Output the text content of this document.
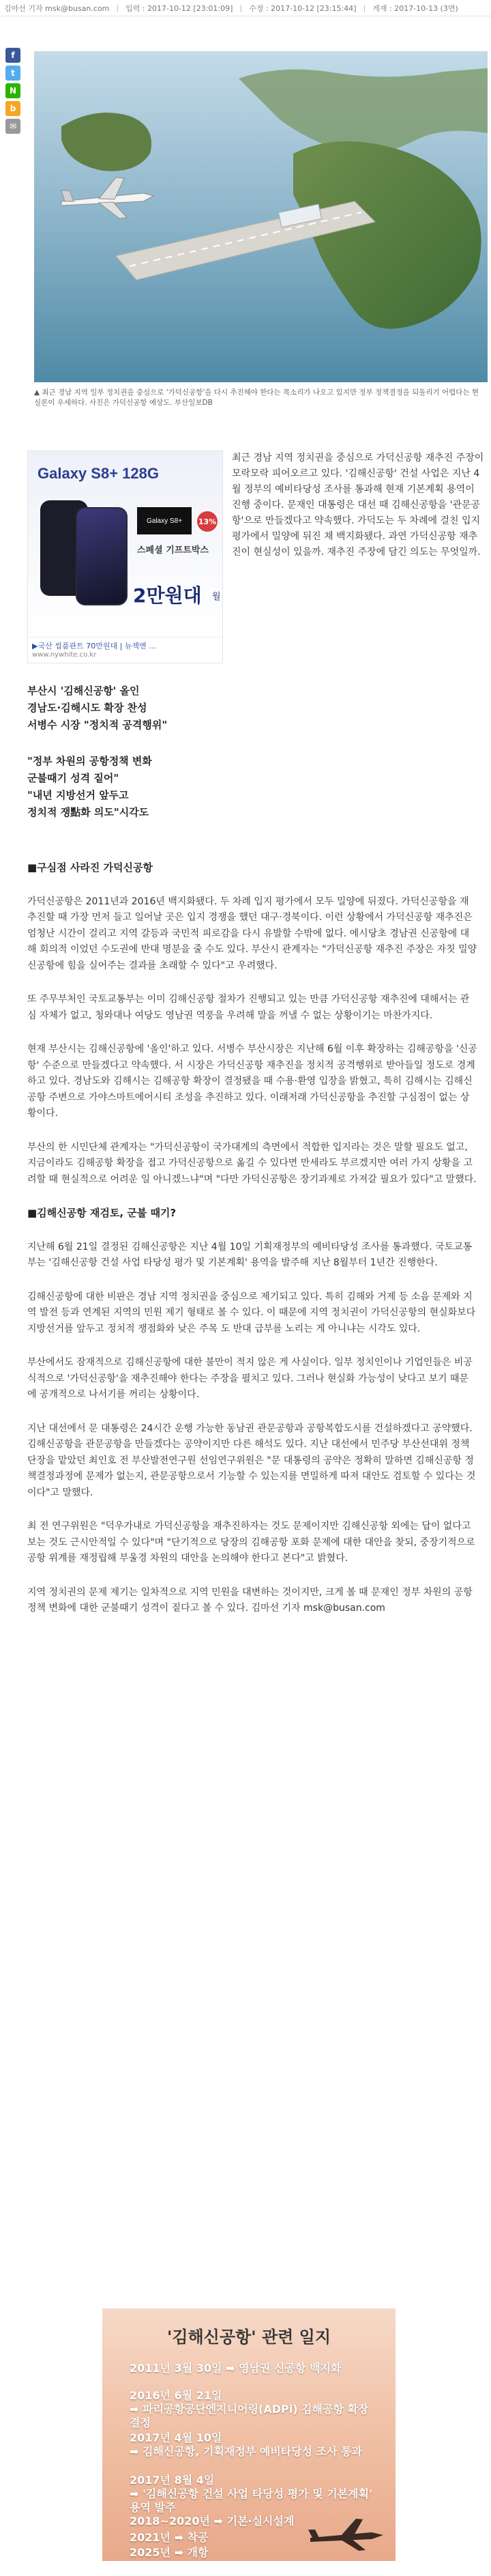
김아선 기자 msk@busan.com | 입력 : 2017-10-12 [23:01:09] | 수정 : 2017-10-12 [23:15:44] | 게재 : 2017-10-13 (3면)
f
t
N
b
✉
▲ 최근 경남 지역 일부 정치권을 중심으로 '가덕신공항'을 다시 추진해야 한다는 목소리가 나오고 있지만 정부 정책결정을 되돌리기 어렵다는 현실론이 우세하다. 사진은 가덕신공항 예상도. 부산일보DB
Galaxy S8+ 128G
Galaxy S8+	13%
스페셜 기프트박스
2만원대 월
▶국산 씹품관트 70만원대 | 뉴젝엔 ...
www.nywhite.co.kr

최근 경남 지역 정치권을 중심으로 가덕신공항 재추진 주장이 모락모락 피어오르고 있다. '김해신공항' 건설 사업은 지난 4월 정부의 예비타당성 조사를 통과해 현재 기본계획 용역이 진행 중이다. 문재인 대통령은 대선 때 김해신공항을 '관문공항'으로 만들겠다고 약속했다. 가덕도는 두 차례에 걸친 입지 평가에서 밀양에 뒤진 채 백지화됐다. 과연 가덕신공항 재추진이 현실성이 있을까. 재추진 주장에 담긴 의도는 무엇일까.

부산시 '김해신공항' 올인
경남도·김해시도 확장 찬성
서병수 시장 "정치적 공격행위"
"정부 차원의 공항정책 변화
군불때기 성격 짙어"
"내년 지방선거 앞두고
정치적 쟁點화 의도"시각도
■구심점 사라진 가덕신공항

가덕신공항은 2011년과 2016년 백지화됐다. 두 차례 입지 평가에서 모두 밀양에 뒤졌다. 가덕신공항을 재추진할 때 가장 먼저 들고 일어날 곳은 입지 경쟁을 했던 대구·경북이다. 이런 상황에서 가덕신공항 재추진은 엄청난 시간이 걸리고 지역 갈등과 국민적 피로감을 다시 유발할 수밖에 없다. 에시당초 경남권 신공항에 대해 회의적 이었던 수도권에 반대 명분을 줄 수도 있다. 부산시 관계자는 "가덕신공항 재추진 주장은 자칫 밀양신공항에 힘을 실어주는 결과를 초래할 수 있다"고 우려했다.

또 주무부처인 국토교통부는 이미 김해신공항 절차가 진행되고 있는 만큼 가덕신공항 재추진에 대해서는 관심 자체가 없고, 청와대나 여당도 영남권 역풍을 우려해 말을 꺼낼 수 없는 상황이기는 마찬가지다.

현재 부산시는 김해신공항에 '올인'하고 있다. 서병수 부산시장은 지난해 6월 이후 확장하는 김해공항을 '신공항' 수준으로 만들겠다고 약속했다. 서 시장은 가덕신공항 재추진을 정치적 공격행위로 받아들일 정도로 경계하고 있다. 경남도와 김해시는 김해공항 확장이 결정됐을 때 수용·환영 입장을 밝혔고, 특히 김해시는 김해신공항 주변으로 가야스마트에어시티 조성을 추진하고 있다. 이래저래 가덕신공항을 추진할 구심점이 없는 상황이다.

부산의 한 시민단체 관계자는 "가덕신공항이 국가대계의 측면에서 적합한 입지라는 것은 말할 필요도 없고, 지금이라도 김해공항 확장을 접고 가덕신공항으로 옮길 수 있다면 만세라도 부르겠지만 여러 가지 상황을 고려할 때 현실적으로 어려운 일 아니겠느냐"며 "다만 가덕신공항은 장기과제로 가져갈 필요가 있다"고 말했다.

■김해신공항 재검토, 군불 때기?

지난해 6월 21일 결정된 김해신공항은 지난 4월 10일 기획재정부의 예비타당성 조사를 통과했다. 국토교통부는 '김해신공항 건설 사업 타당성 평가 및 기본계획' 용역을 발주해 지난 8월부터 1년간 진행한다.

김해신공항에 대한 비판은 경남 지역 정치권을 중심으로 제기되고 있다. 특히 김해와 거제 등 소음 문제와 지역 발전 등과 연계된 지역의 민원 제기 형태로 볼 수 있다. 이 때문에 지역 정치권이 가덕신공항의 현실화보다 지방선거를 앞두고 정치적 쟁점화와 낮은 주목 도 반대 급부를 노리는 게 아니냐는 시각도 있다.

부산에서도 잠재적으로 김해신공항에 대한 불만이 적지 않은 게 사실이다. 일부 정치인이나 기업인들은 비공식적으로 '가덕신공항'을 재추진해야 한다는 주장을 펼치고 있다. 그러나 현실화 가능성이 낮다고 보기 때문에 공개적으로 나서기를 꺼리는 상황이다.

지난 대선에서 문 대통령은 24시간 운행 가능한 동남권 관문공항과 공항복합도시를 건설하겠다고 공약했다. 김해신공항을 관문공항을 만들겠다는 공약이지만 다른 해석도 있다. 지난 대선에서 민주당 부산선대위 정책단장을 맡았던 최인호 전 부산발전연구원 선임연구위원은 "문 대통령의 공약은 정확히 말하면 김해신공항 정책결정과정에 문제가 없는지, 관문공항으로서 기능할 수 있는지를 면밀하게 따져 대안도 검토할 수 있다는 것이다"고 말했다.

최 전 연구위원은 "덕우가내로 가덕신공항을 재추진하자는 것도 문제이지만 김해신공항 외에는 답이 없다고 보는 것도 근시안적일 수 있다"며 "단기적으로 당장의 김해공항 포화 문제에 대한 대안을 찾되, 중장기적으로 공항 위계를 재정립해 부울경 차원의 대안을 논의해야 한다고 본다"고 밝혔다.

지역 정치권의 문제 제기는 일차적으로 지역 민원을 대변하는 것이지만, 크게 볼 때 문재인 정부 차원의 공항정책 변화에 대한 군불때기 성격이 짙다고 볼 수 있다. 김마선 기자 msk@busan.com

'김해신공항' 관련 일지
2011년 3월 30일 ➡ 영남권 신공항 백지화
2016년 6월 21일
➡ 파리공항공단엔지니어링(ADPi) 김해공항 확장 결정
2017년 4월 10일
➡ 김해신공항, 기획재정부 예비타당성 조사 통과
2017년 8월 4일
➡ '김해신공항 건설 사업 타당성 평가 및 기본계획' 용역 발주
2018~2020년 ➡ 기본·실시설계
2021년 ➡ 착공
2025년 ➡ 개항
